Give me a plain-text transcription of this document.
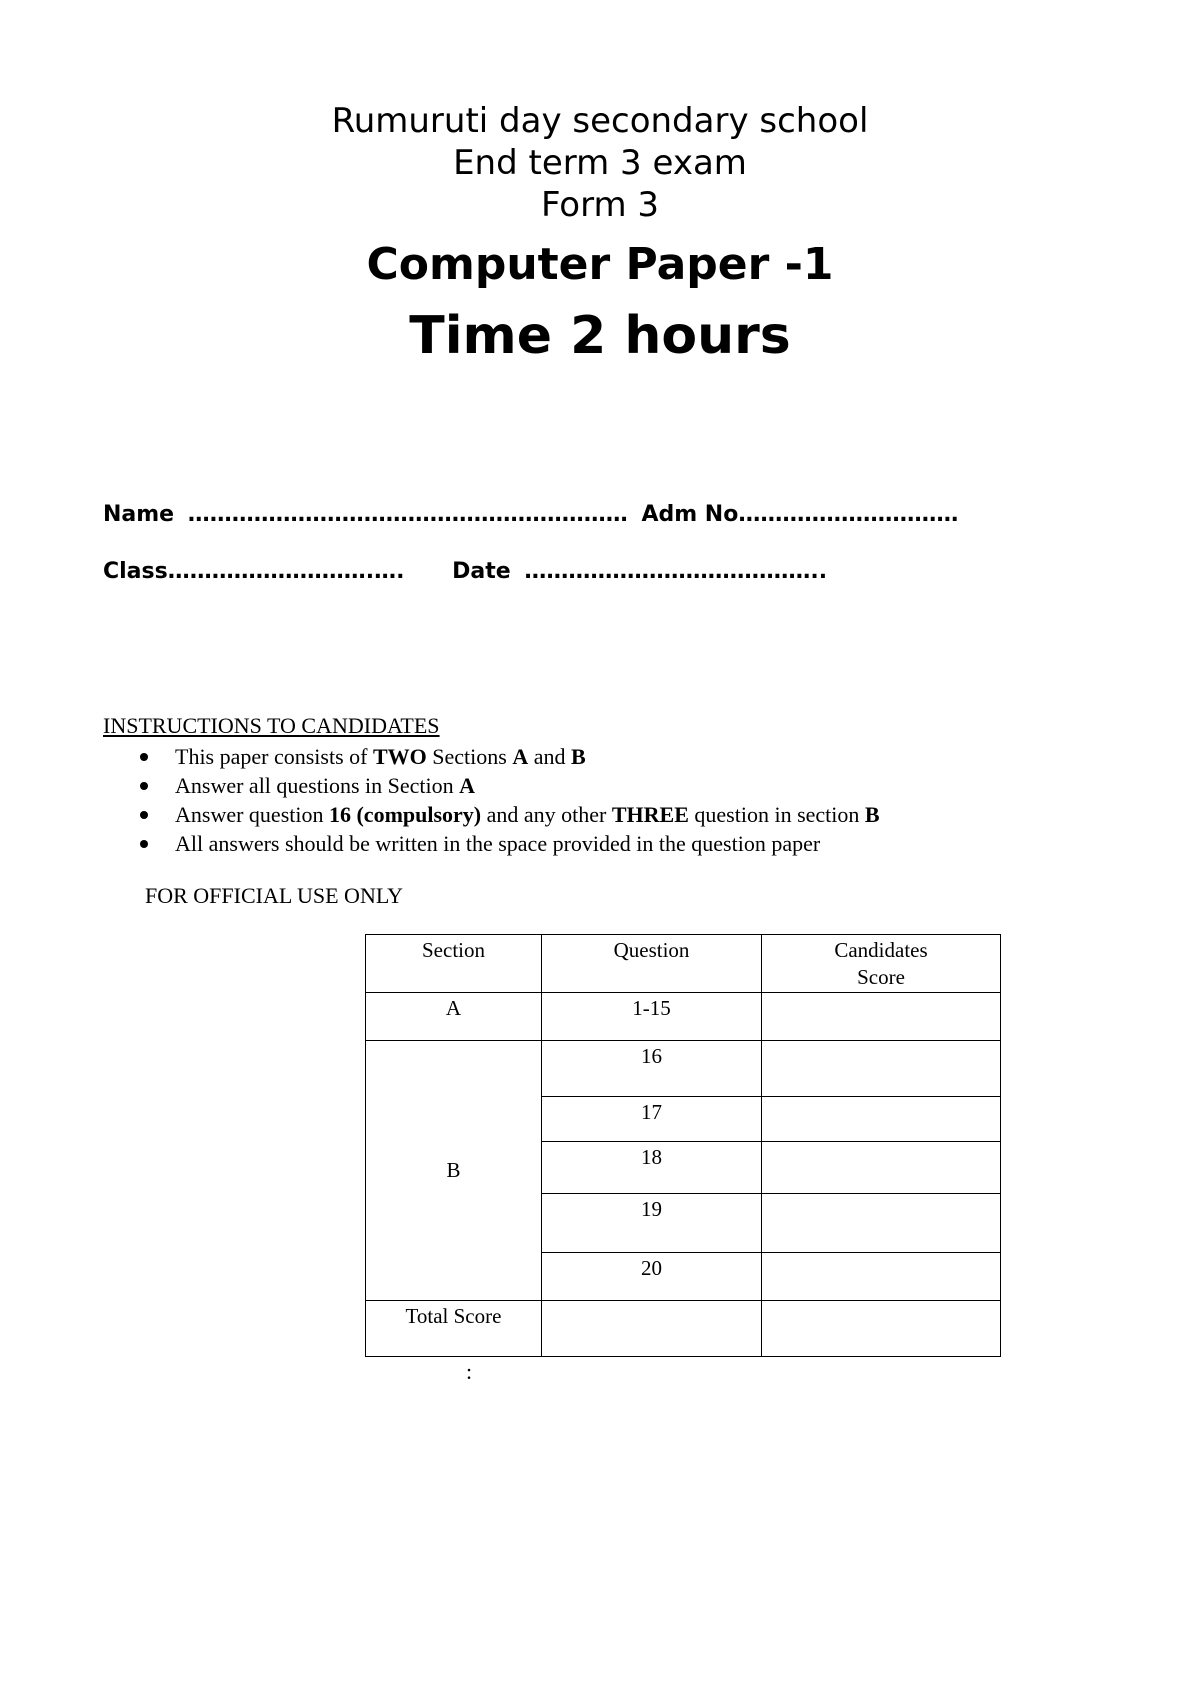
Rumuruti day secondary school
End term 3 exam
Form 3
Computer Paper -1
Time 2 hours
Name …………………………………………………… Adm No…………………………
Class……………………….…. Date …………………………………..
INSTRUCTIONS TO CANDIDATES
This paper consists of TWO Sections A and B
Answer all questions in Section A
Answer question 16 (compulsory) and any other THREE question in section B
All answers should be written in the space provided in the question paper
FOR OFFICIAL USE ONLY
Section	Question	Candidates
Score

A	1-15	
B	16	
	17	
	18	
	19	
	20	
Total Score		
:
